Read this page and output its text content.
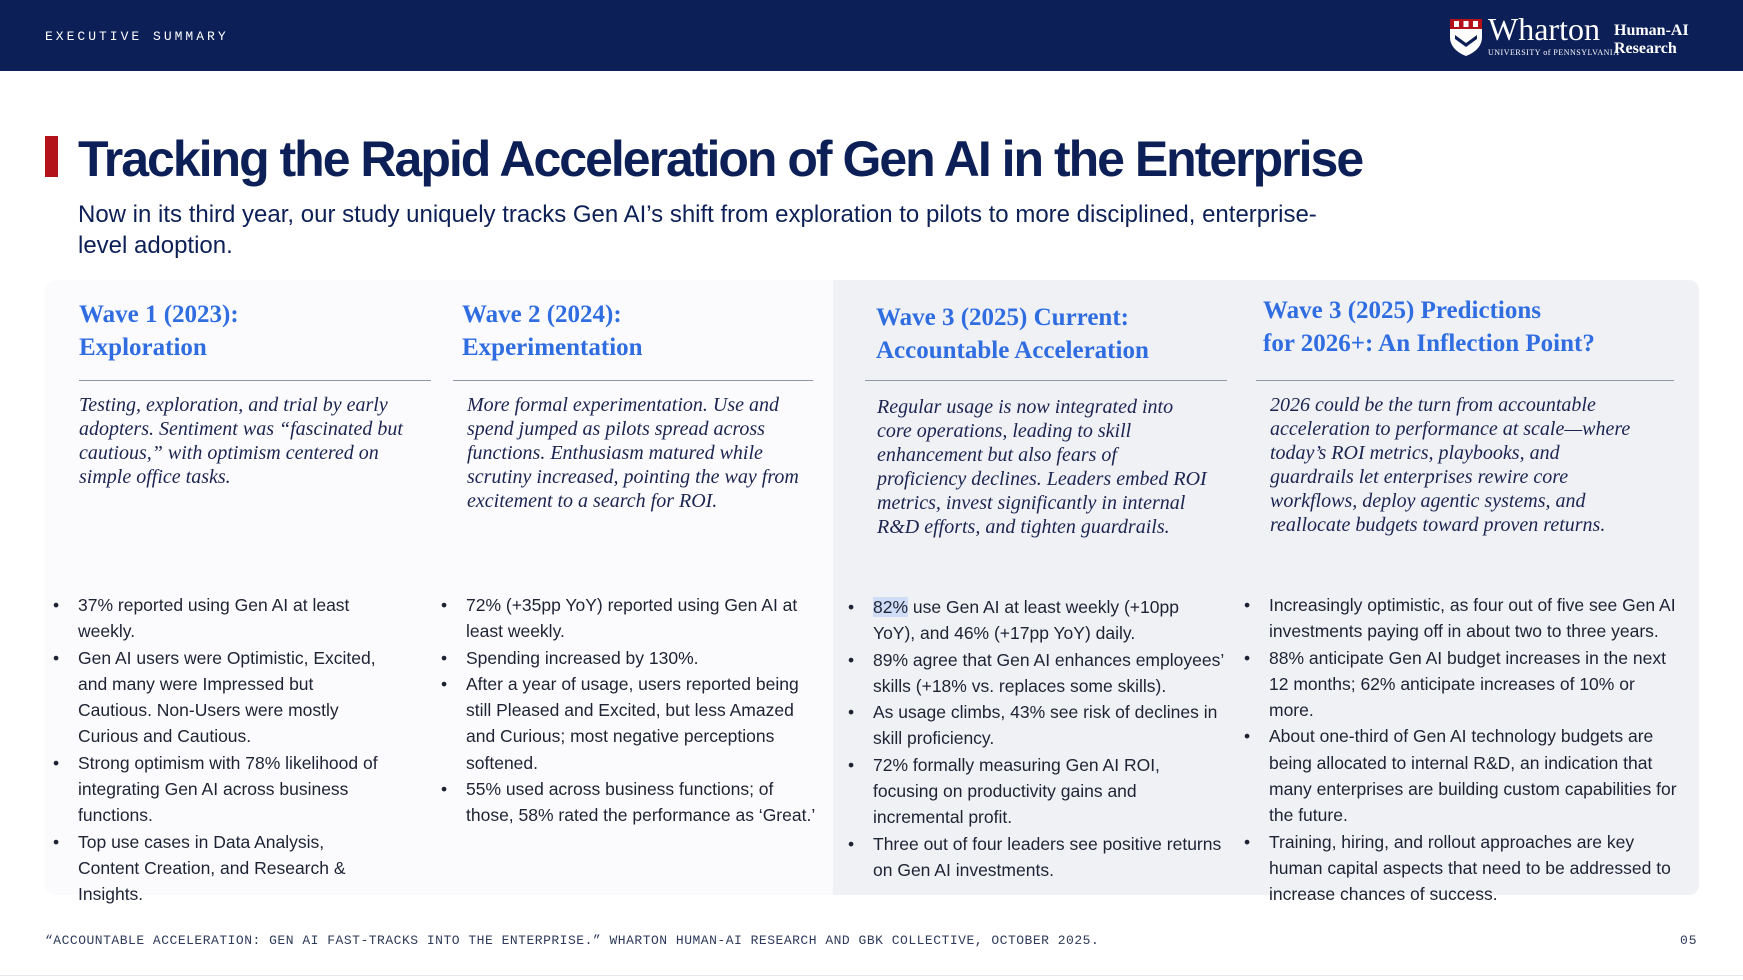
EXECUTIVE SUMMARY	Wharton
UNIVERSITY of PENNSYLVANIA
Human-AI
Research
Tracking the Rapid Acceleration of Gen AI in the Enterprise
Now in its third year, our study uniquely tracks Gen AI’s shift from exploration to pilots to more disciplined, enterprise-level adoption.
Wave 1 (2023):
Exploration
Testing, exploration, and trial by early adopters. Sentiment was “fascinated but cautious,” with optimism centered on simple office tasks.
• 37% reported using Gen AI at least weekly.
• Gen AI users were Optimistic, Excited, and many were Impressed but Cautious. Non-Users were mostly Curious and Cautious.
• Strong optimism with 78% likelihood of integrating Gen AI across business functions.
• Top use cases in Data Analysis, Content Creation, and Research & Insights.
Wave 2 (2024):
Experimentation
More formal experimentation. Use and spend jumped as pilots spread across functions. Enthusiasm matured while scrutiny increased, pointing the way from excitement to a search for ROI.
• 72% (+35pp YoY) reported using Gen AI at least weekly.
• Spending increased by 130%.
• After a year of usage, users reported being still Pleased and Excited, but less Amazed and Curious; most negative perceptions softened.
• 55% used across business functions; of those, 58% rated the performance as ‘Great.’
Wave 3 (2025) Current:
Accountable Acceleration
Regular usage is now integrated into core operations, leading to skill enhancement but also fears of proficiency declines. Leaders embed ROI metrics, invest significantly in internal R&D efforts, and tighten guardrails.
• 82% use Gen AI at least weekly (+10pp YoY), and 46% (+17pp YoY) daily.
• 89% agree that Gen AI enhances employees’ skills (+18% vs. replaces some skills).
• As usage climbs, 43% see risk of declines in skill proficiency.
• 72% formally measuring Gen AI ROI, focusing on productivity gains and incremental profit.
• Three out of four leaders see positive returns on Gen AI investments.
Wave 3 (2025) Predictions
for 2026+: An Inflection Point?
2026 could be the turn from accountable acceleration to performance at scale—where today’s ROI metrics, playbooks, and guardrails let enterprises rewire core workflows, deploy agentic systems, and reallocate budgets toward proven returns.
• Increasingly optimistic, as four out of five see Gen AI investments paying off in about two to three years.
• 88% anticipate Gen AI budget increases in the next 12 months; 62% anticipate increases of 10% or more.
• About one-third of Gen AI technology budgets are being allocated to internal R&D, an indication that many enterprises are building custom capabilities for the future.
• Training, hiring, and rollout approaches are key human capital aspects that need to be addressed to increase chances of success.
“ACCOUNTABLE ACCELERATION: GEN AI FAST-TRACKS INTO THE ENTERPRISE.” WHARTON HUMAN-AI RESEARCH AND GBK COLLECTIVE, OCTOBER 2025.	05
